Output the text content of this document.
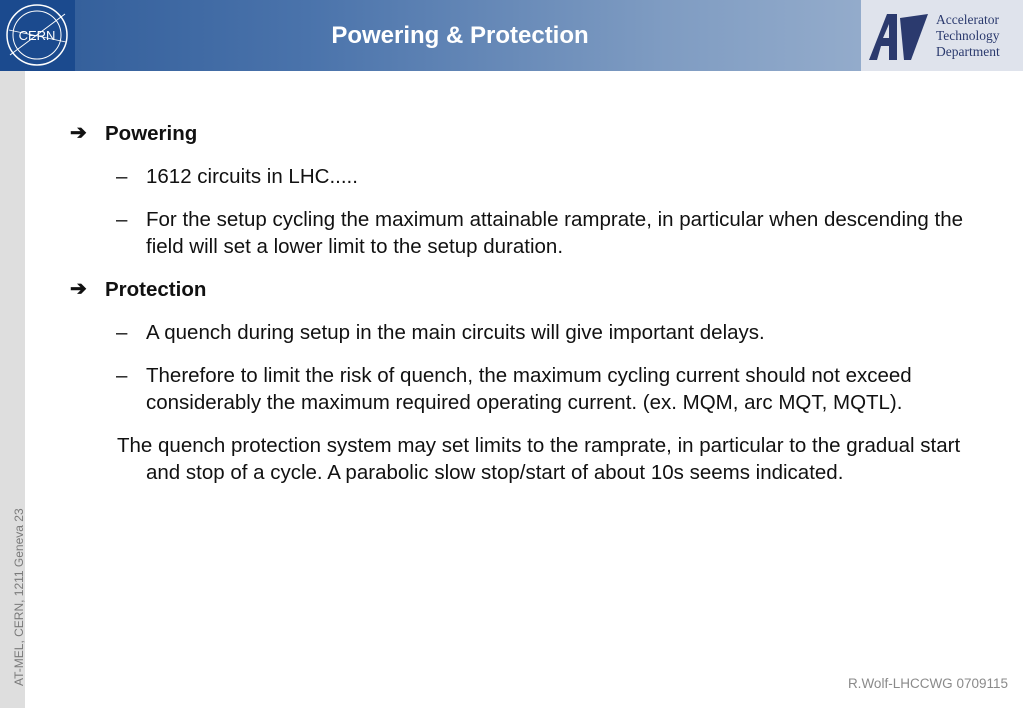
CERN	Powering & Protection
Accelerator
Technology
Department
AT-MEL, CERN, 1211 Geneva 23
➔ Powering
– 1612 circuits in LHC.....
– For the setup cycling the maximum attainable ramprate, in particular when descending the field will set a lower limit to the setup duration.
➔ Protection
– A quench during setup in the main circuits will give important delays.
– Therefore to limit the risk of quench, the maximum cycling current should not exceed considerably the maximum required operating current. (ex. MQM, arc MQT, MQTL).
The quench protection system may set limits to the ramprate, in particular to the gradual start and stop of a cycle. A parabolic slow stop/start of about 10s seems indicated.
R.Wolf-LHCCWG 0709115
